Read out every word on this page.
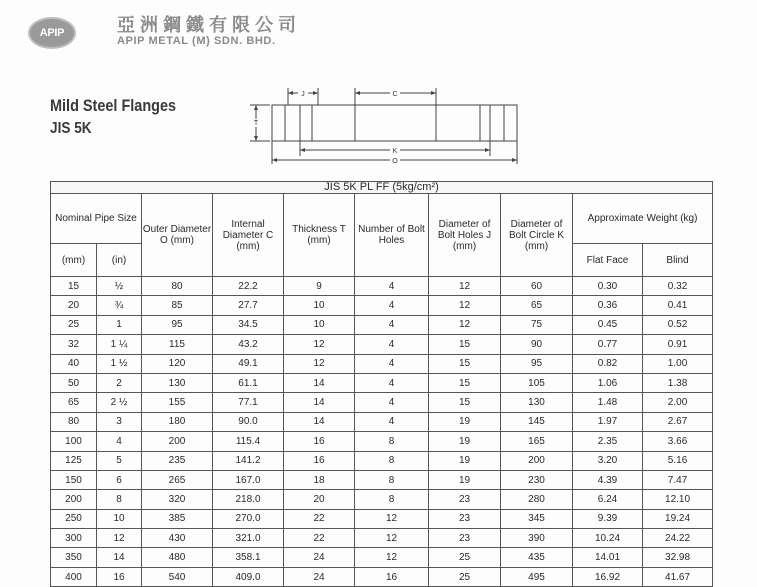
APIP	亞洲鋼鐵有限公司
APIP METAL (M) SDN. BHD.
Mild Steel Flanges
JIS 5K
J	C
T
K
O
JIS 5K PL FF (5kg/cm²)									
Nominal Pipe Size		Outer Diameter O (mm)	Internal Diameter C (mm)	Thickness T (mm)	Number of Bolt Holes	Diameter of Bolt Holes J (mm)	Diameter of Bolt Circle K (mm)	Approximate Weight (kg)	
(mm)	(in)							Flat Face	Blind
15	½	80	22.2	9	4	12	60	0.30	0.32
20	¾	85	27.7	10	4	12	65	0.36	0.41
25	1	95	34.5	10	4	12	75	0.45	0.52
32	1 ¼	115	43.2	12	4	15	90	0.77	0.91
40	1 ½	120	49.1	12	4	15	95	0.82	1.00
50	2	130	61.1	14	4	15	105	1.06	1.38
65	2 ½	155	77.1	14	4	15	130	1.48	2.00
80	3	180	90.0	14	4	19	145	1.97	2.67
100	4	200	115.4	16	8	19	165	2.35	3.66
125	5	235	141.2	16	8	19	200	3.20	5.16
150	6	265	167.0	18	8	19	230	4.39	7.47
200	8	320	218.0	20	8	23	280	6.24	12.10
250	10	385	270.0	22	12	23	345	9.39	19.24
300	12	430	321.0	22	12	23	390	10.24	24.22
350	14	480	358.1	24	12	25	435	14.01	32.98
400	16	540	409.0	24	16	25	495	16.92	41.67
